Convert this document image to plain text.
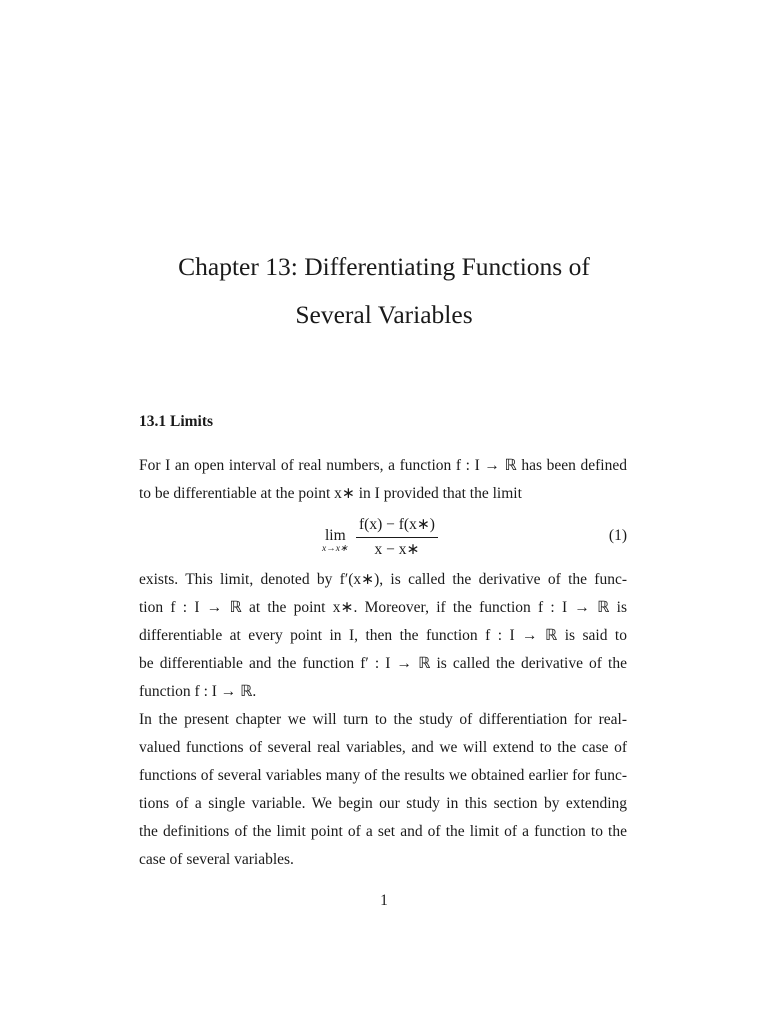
Chapter 13: Differentiating Functions of
Several Variables
13.1 Limits
For I an open interval of real numbers, a function f : I → ℝ has been defined
to be differentiable at the point x∗ in I provided that the limit
lim
x→x∗
f(x) − f(x∗)
x − x∗
(1)
exists. This limit, denoted by f′(x∗), is called the derivative of the func-
tion f : I → ℝ at the point x∗. Moreover, if the function f : I → ℝ is
differentiable at every point in I, then the function f : I → ℝ is said to
be differentiable and the function f′ : I → ℝ is called the derivative of the
function f : I → ℝ.
In the present chapter we will turn to the study of differentiation for real-
valued functions of several real variables, and we will extend to the case of
functions of several variables many of the results we obtained earlier for func-
tions of a single variable. We begin our study in this section by extending
the definitions of the limit point of a set and of the limit of a function to the
case of several variables.
1
